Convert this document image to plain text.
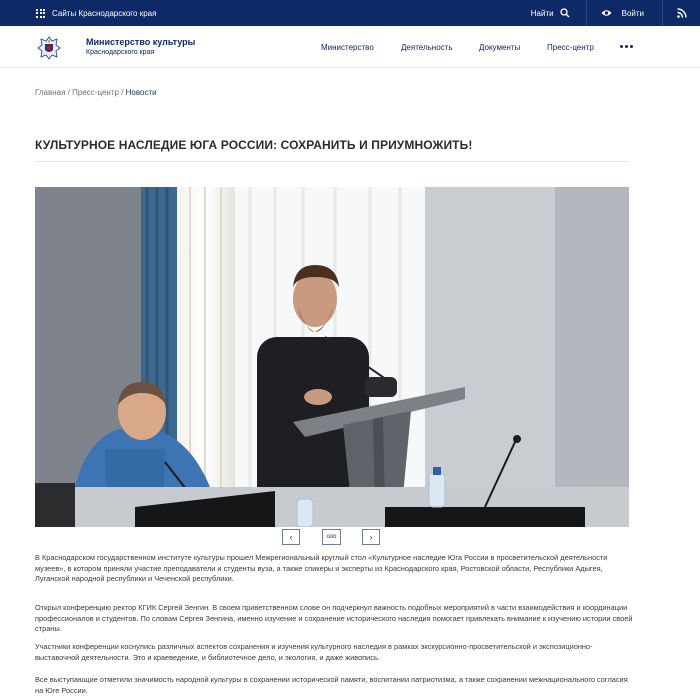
Сайты Краснодарского края	Найти	Войти
Министерство культуры
Краснодарского края
Министерство	Деятельность	Документы	Пресс-центр
Главная / Пресс-центр / Новости
КУЛЬТУРНОЕ НАСЛЕДИЕ ЮГА РОССИИ: СОХРАНИТЬ И ПРИУМНОЖИТЬ!
‹	ооо	›
В Краснодарском государственном институте культуры прошел Межрегиональный круглый стол «Культурное наследие Юга России в просветительской деятельности музеев», в котором приняли участие преподаватели и студенты вуза, а также спикеры и эксперты из Краснодарского края, Ростовской области, Республики Адыгея, Луганской народной республики и Чеченской республики.
Открыл конференцию ректор КГИК Сергей Зенгин. В своем приветственном слове он подчеркнул важность подобных мероприятий в части взаимодействия и координации профессионалов и студентов. По словам Сергея Зенгина, именно изучение и сохранение исторического наследия помогает привлекать внимание к изучению истории своей страны.
Участники конференции коснулись различных аспектов сохранения и изучения культурного наследия в рамках экскурсионно-просветительской и экспозиционно-выставочной деятельности. Это и краеведение, и библиотечное дело, и экология, и даже живопись.
Все выступающие отметили значимость народной культуры в сохранении исторической памяти, воспитании патриотизма, а также сохранении межнационального согласия на Юге России.
